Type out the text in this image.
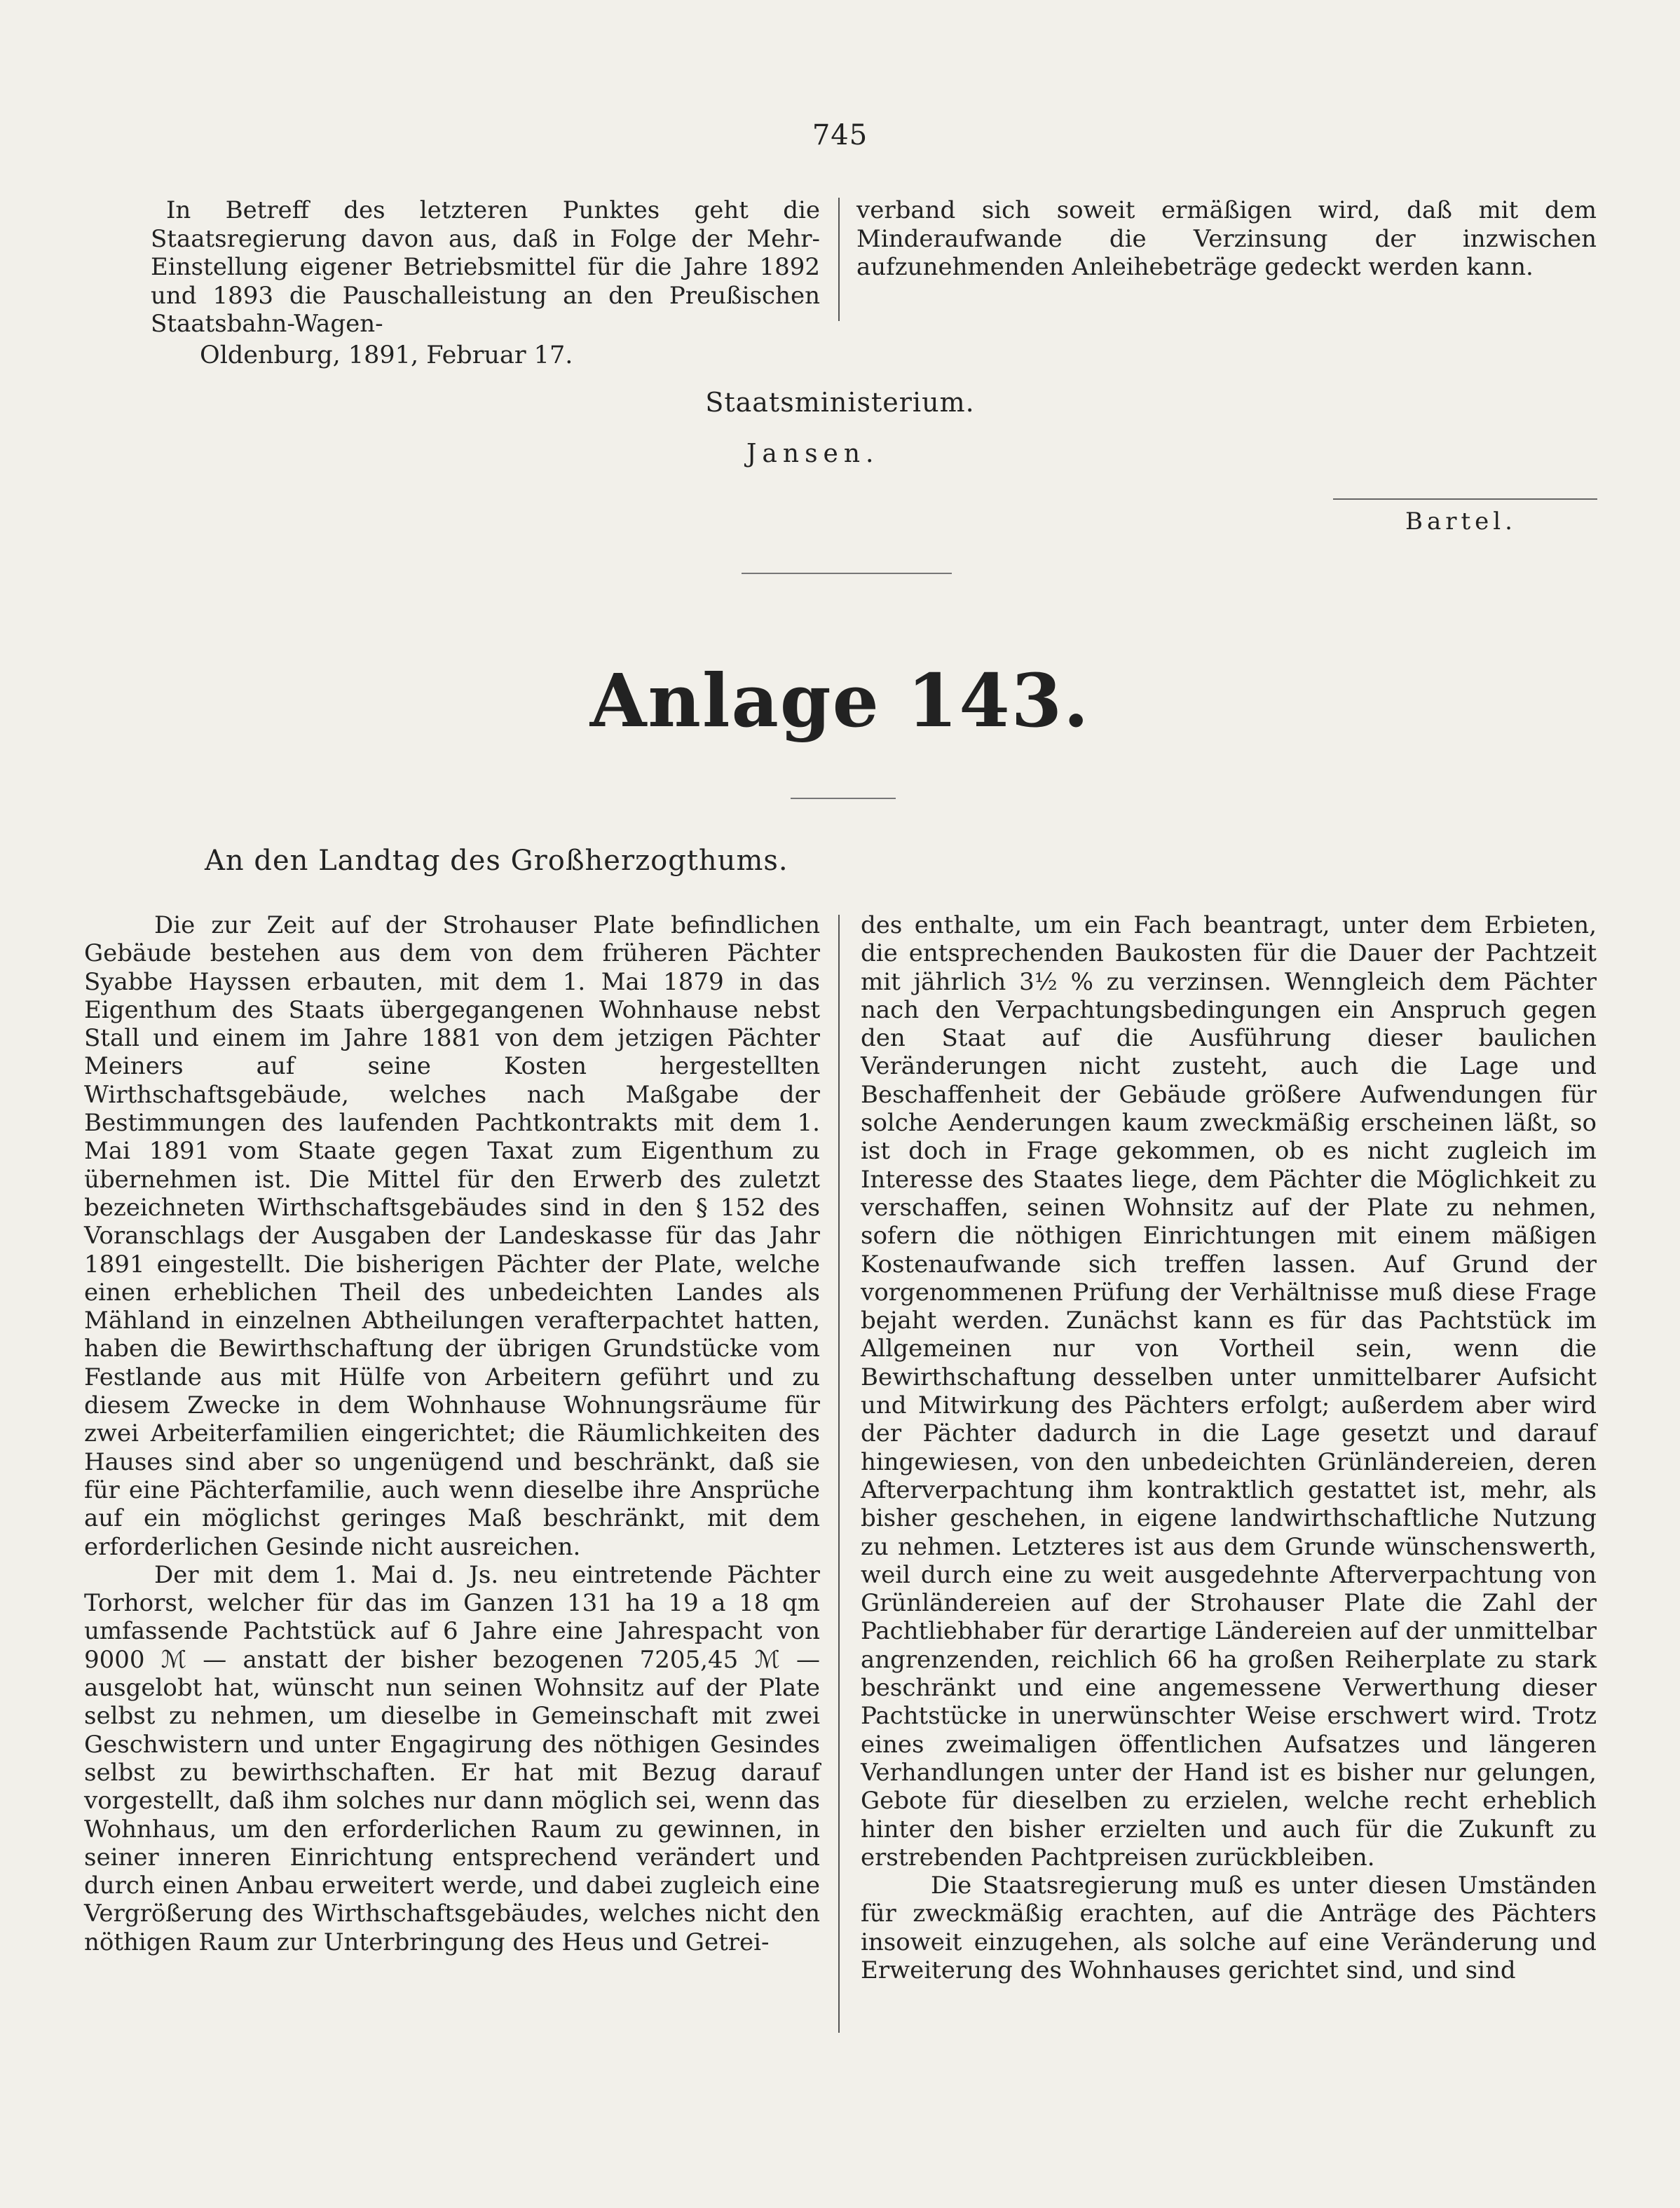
745

In Betreff des letzteren Punktes geht die Staatsregierung davon aus, daß in Folge der Mehr-Einstellung eigener Betriebsmittel für die Jahre 1892 und 1893 die Pauschalleistung an den Preußischen Staatsbahn-Wagen-

verband sich soweit ermäßigen wird, daß mit dem Minderaufwande die Verzinsung der inzwischen aufzunehmenden Anleihebeträge gedeckt werden kann.

Oldenburg, 1891, Februar 17.
Staatsministerium.
Jansen.
Bartel.
Anlage 143.
An den Landtag des Großherzogthums.

Die zur Zeit auf der Strohauser Plate befindlichen Gebäude bestehen aus dem von dem früheren Pächter Syabbe Hayssen erbauten, mit dem 1. Mai 1879 in das Eigenthum des Staats übergegangenen Wohnhause nebst Stall und einem im Jahre 1881 von dem jetzigen Pächter Meiners auf seine Kosten hergestellten Wirthschaftsgebäude, welches nach Maßgabe der Bestimmungen des laufenden Pachtkontrakts mit dem 1. Mai 1891 vom Staate gegen Taxat zum Eigenthum zu übernehmen ist. Die Mittel für den Erwerb des zuletzt bezeichneten Wirthschaftsgebäudes sind in den § 152 des Voranschlags der Ausgaben der Landeskasse für das Jahr 1891 eingestellt. Die bisherigen Pächter der Plate, welche einen erheblichen Theil des unbedeichten Landes als Mähland in einzelnen Abtheilungen verafterpachtet hatten, haben die Bewirthschaftung der übrigen Grundstücke vom Festlande aus mit Hülfe von Arbeitern geführt und zu diesem Zwecke in dem Wohnhause Wohnungsräume für zwei Arbeiterfamilien eingerichtet; die Räumlichkeiten des Hauses sind aber so ungenügend und beschränkt, daß sie für eine Pächterfamilie, auch wenn dieselbe ihre Ansprüche auf ein möglichst geringes Maß beschränkt, mit dem erforderlichen Gesinde nicht ausreichen.

Der mit dem 1. Mai d. Js. neu eintretende Pächter Torhorst, welcher für das im Ganzen 131 ha 19 a 18 qm umfassende Pachtstück auf 6 Jahre eine Jahrespacht von 9000 ℳ — anstatt der bisher bezogenen 7205,45 ℳ — ausgelobt hat, wünscht nun seinen Wohnsitz auf der Plate selbst zu nehmen, um dieselbe in Gemeinschaft mit zwei Geschwistern und unter Engagirung des nöthigen Gesindes selbst zu bewirthschaften. Er hat mit Bezug darauf vorgestellt, daß ihm solches nur dann möglich sei, wenn das Wohnhaus, um den erforderlichen Raum zu gewinnen, in seiner inneren Einrichtung entsprechend verändert und durch einen Anbau erweitert werde, und dabei zugleich eine Vergrößerung des Wirthschaftsgebäudes, welches nicht den nöthigen Raum zur Unterbringung des Heus und Getrei-

des enthalte, um ein Fach beantragt, unter dem Erbieten, die entsprechenden Baukosten für die Dauer der Pachtzeit mit jährlich 3½ % zu verzinsen. Wenngleich dem Pächter nach den Verpachtungsbedingungen ein Anspruch gegen den Staat auf die Ausführung dieser baulichen Veränderungen nicht zusteht, auch die Lage und Beschaffenheit der Gebäude größere Aufwendungen für solche Aenderungen kaum zweckmäßig erscheinen läßt, so ist doch in Frage gekommen, ob es nicht zugleich im Interesse des Staates liege, dem Pächter die Möglichkeit zu verschaffen, seinen Wohnsitz auf der Plate zu nehmen, sofern die nöthigen Einrichtungen mit einem mäßigen Kostenaufwande sich treffen lassen. Auf Grund der vorgenommenen Prüfung der Verhältnisse muß diese Frage bejaht werden. Zunächst kann es für das Pachtstück im Allgemeinen nur von Vortheil sein, wenn die Bewirthschaftung desselben unter unmittelbarer Aufsicht und Mitwirkung des Pächters erfolgt; außerdem aber wird der Pächter dadurch in die Lage gesetzt und darauf hingewiesen, von den unbedeichten Grünländereien, deren Afterverpachtung ihm kontraktlich gestattet ist, mehr, als bisher geschehen, in eigene landwirthschaftliche Nutzung zu nehmen. Letzteres ist aus dem Grunde wünschenswerth, weil durch eine zu weit ausgedehnte Afterverpachtung von Grünländereien auf der Strohauser Plate die Zahl der Pachtliebhaber für derartige Ländereien auf der unmittelbar angrenzenden, reichlich 66 ha großen Reiherplate zu stark beschränkt und eine angemessene Verwerthung dieser Pachtstücke in unerwünschter Weise erschwert wird. Trotz eines zweimaligen öffentlichen Aufsatzes und längeren Verhandlungen unter der Hand ist es bisher nur gelungen, Gebote für dieselben zu erzielen, welche recht erheblich hinter den bisher erzielten und auch für die Zukunft zu erstrebenden Pachtpreisen zurückbleiben.

Die Staatsregierung muß es unter diesen Umständen für zweckmäßig erachten, auf die Anträge des Pächters insoweit einzugehen, als solche auf eine Veränderung und Erweiterung des Wohnhauses gerichtet sind, und sind
